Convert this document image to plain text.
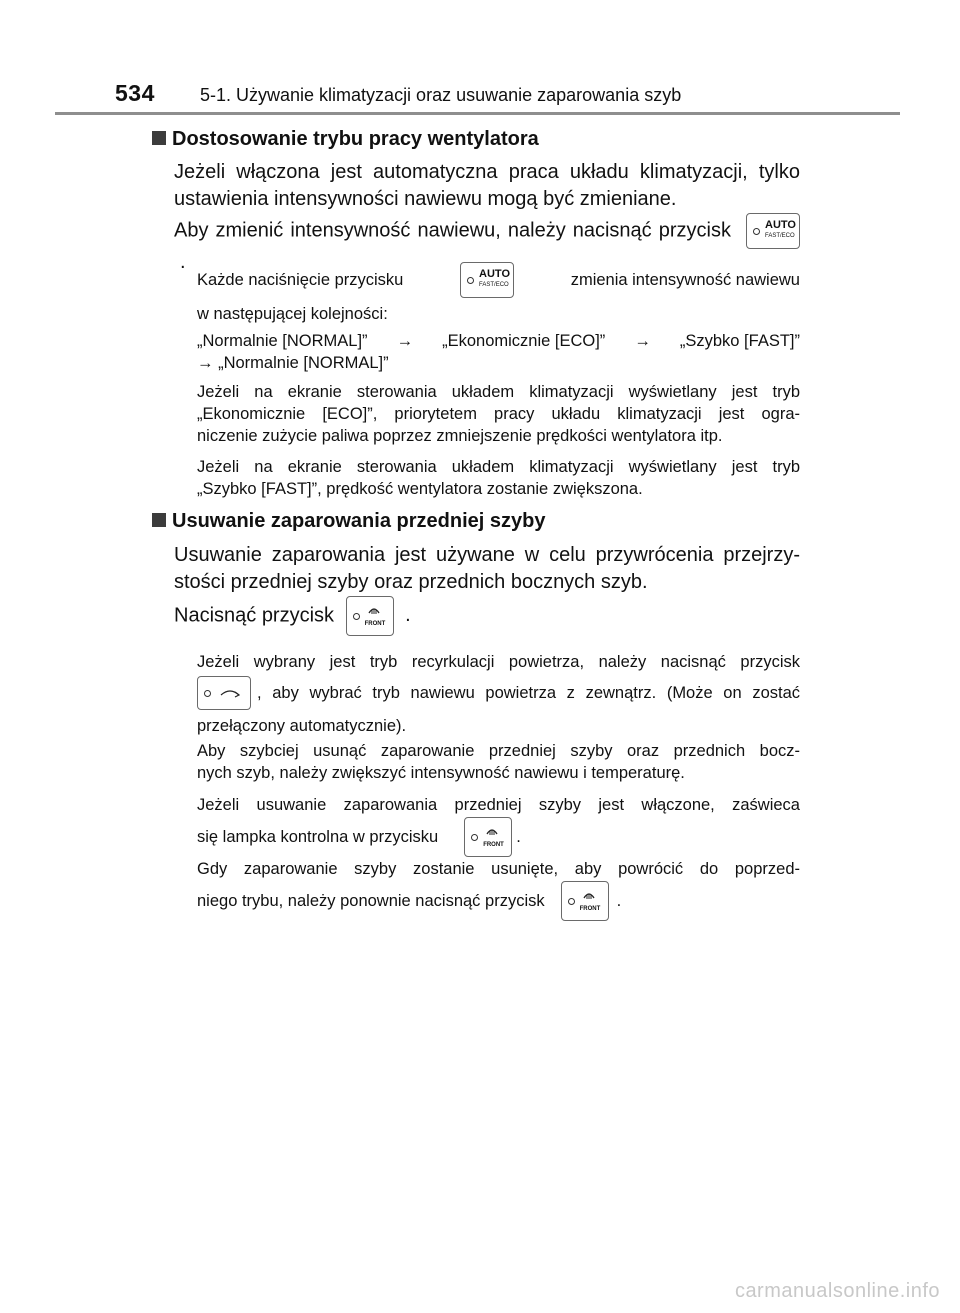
534	5-1. Używanie klimatyzacji oraz usuwanie zaparowania szyb
Dostosowanie trybu pracy wentylatora
Jeżeli włączona jest automatyczna praca układu klimatyzacji, tylko
ustawienia intensywności nawiewu mogą być zmieniane.
Aby zmienić intensywność nawiewu, należy nacisnąć przycisk	AUTO
FAST/ECO
.
Każde naciśnięcie przycisku	AUTO
FAST/ECO	zmienia intensywność nawiewu
w następującej kolejności:
„Normalnie [NORMAL]” → „Ekonomicznie [ECO]” → „Szybko [FAST]”
→ „Normalnie [NORMAL]”
Jeżeli na ekranie sterowania układem klimatyzacji wyświetlany jest tryb
„Ekonomicznie [ECO]”, priorytetem pracy układu klimatyzacji jest ogra-
niczenie zużycie paliwa poprzez zmniejszenie prędkości wentylatora itp.
Jeżeli na ekranie sterowania układem klimatyzacji wyświetlany jest tryb
„Szybko [FAST]”, prędkość wentylatora zostanie zwiększona.
Usuwanie zaparowania przedniej szyby
Usuwanie zaparowania jest używane w celu przywrócenia przejrzy-
stości przedniej szyby oraz przednich bocznych szyb.
Nacisnąć przycisk	FRONT .
Jeżeli wybrany jest tryb recyrkulacji powietrza, należy nacisnąć przycisk
, aby wybrać tryb nawiewu powietrza z zewnątrz. (Może on zostać
przełączony automatycznie).
Aby szybciej usunąć zaparowanie przedniej szyby oraz przednich bocz-
nych szyb, należy zwiększyć intensywność nawiewu i temperaturę.
Jeżeli usuwanie zaparowania przedniej szyby jest włączone, zaświeca
się lampka kontrolna w przycisku	FRONT .
Gdy zaparowanie szyby zostanie usunięte, aby powrócić do poprzed-
niego trybu, należy ponownie nacisnąć przycisk	FRONT .
carmanualsonline.info
